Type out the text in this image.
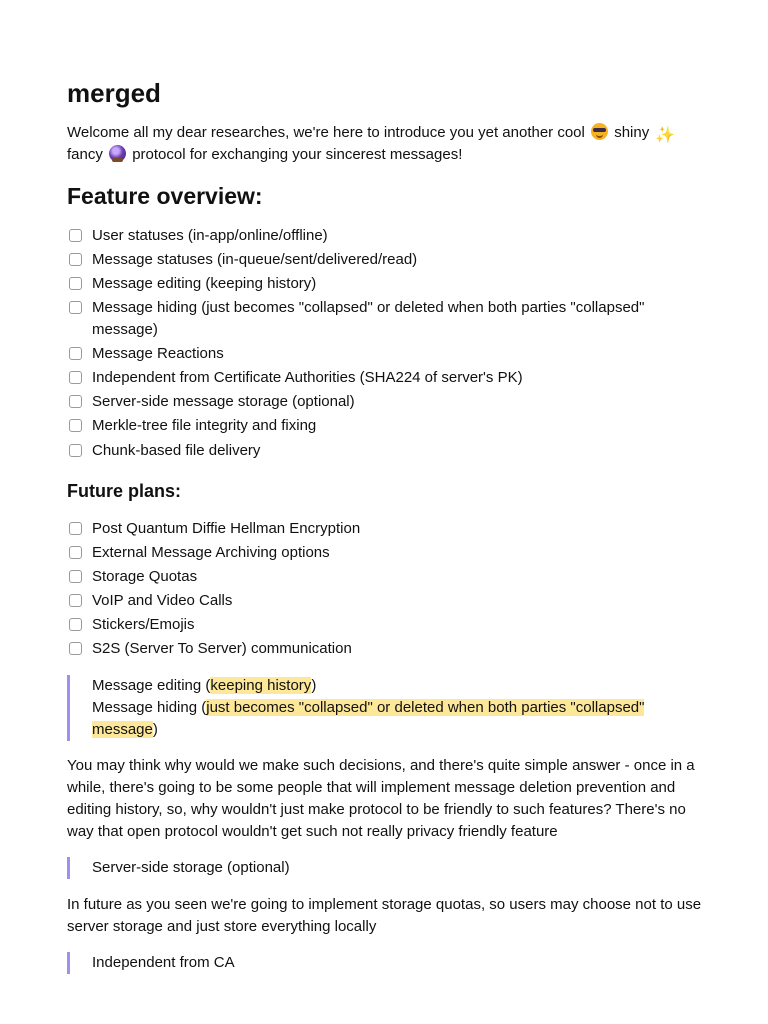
merged

Welcome all my dear researches, we're here to introduce you yet another cool shiny ✨ fancy protocol for exchanging your sincerest messages!

Feature overview:
User statuses (in-app/online/offline)
Message statuses (in-queue/sent/delivered/read)
Message editing (keeping history)
Message hiding (just becomes "collapsed" or deleted when both parties "collapsed" message)
Message Reactions
Independent from Certificate Authorities (SHA224 of server's PK)
Server-side message storage (optional)
Merkle-tree file integrity and fixing
Chunk-based file delivery
Future plans:
Post Quantum Diffie Hellman Encryption
External Message Archiving options
Storage Quotas
VoIP and Video Calls
Stickers/Emojis
S2S (Server To Server) communication
Message editing (keeping history)
Message hiding (just becomes "collapsed" or deleted when both parties "collapsed" message)

You may think why would we make such decisions, and there's quite simple answer - once in a while, there's going to be some people that will implement message deletion prevention and editing history, so, why wouldn't just make protocol to be friendly to such features? There's no way that open protocol wouldn't get such not really privacy friendly feature

Server-side storage (optional)

In future as you seen we're going to implement storage quotas, so users may choose not to use server storage and just store everything locally

Independent from CA
